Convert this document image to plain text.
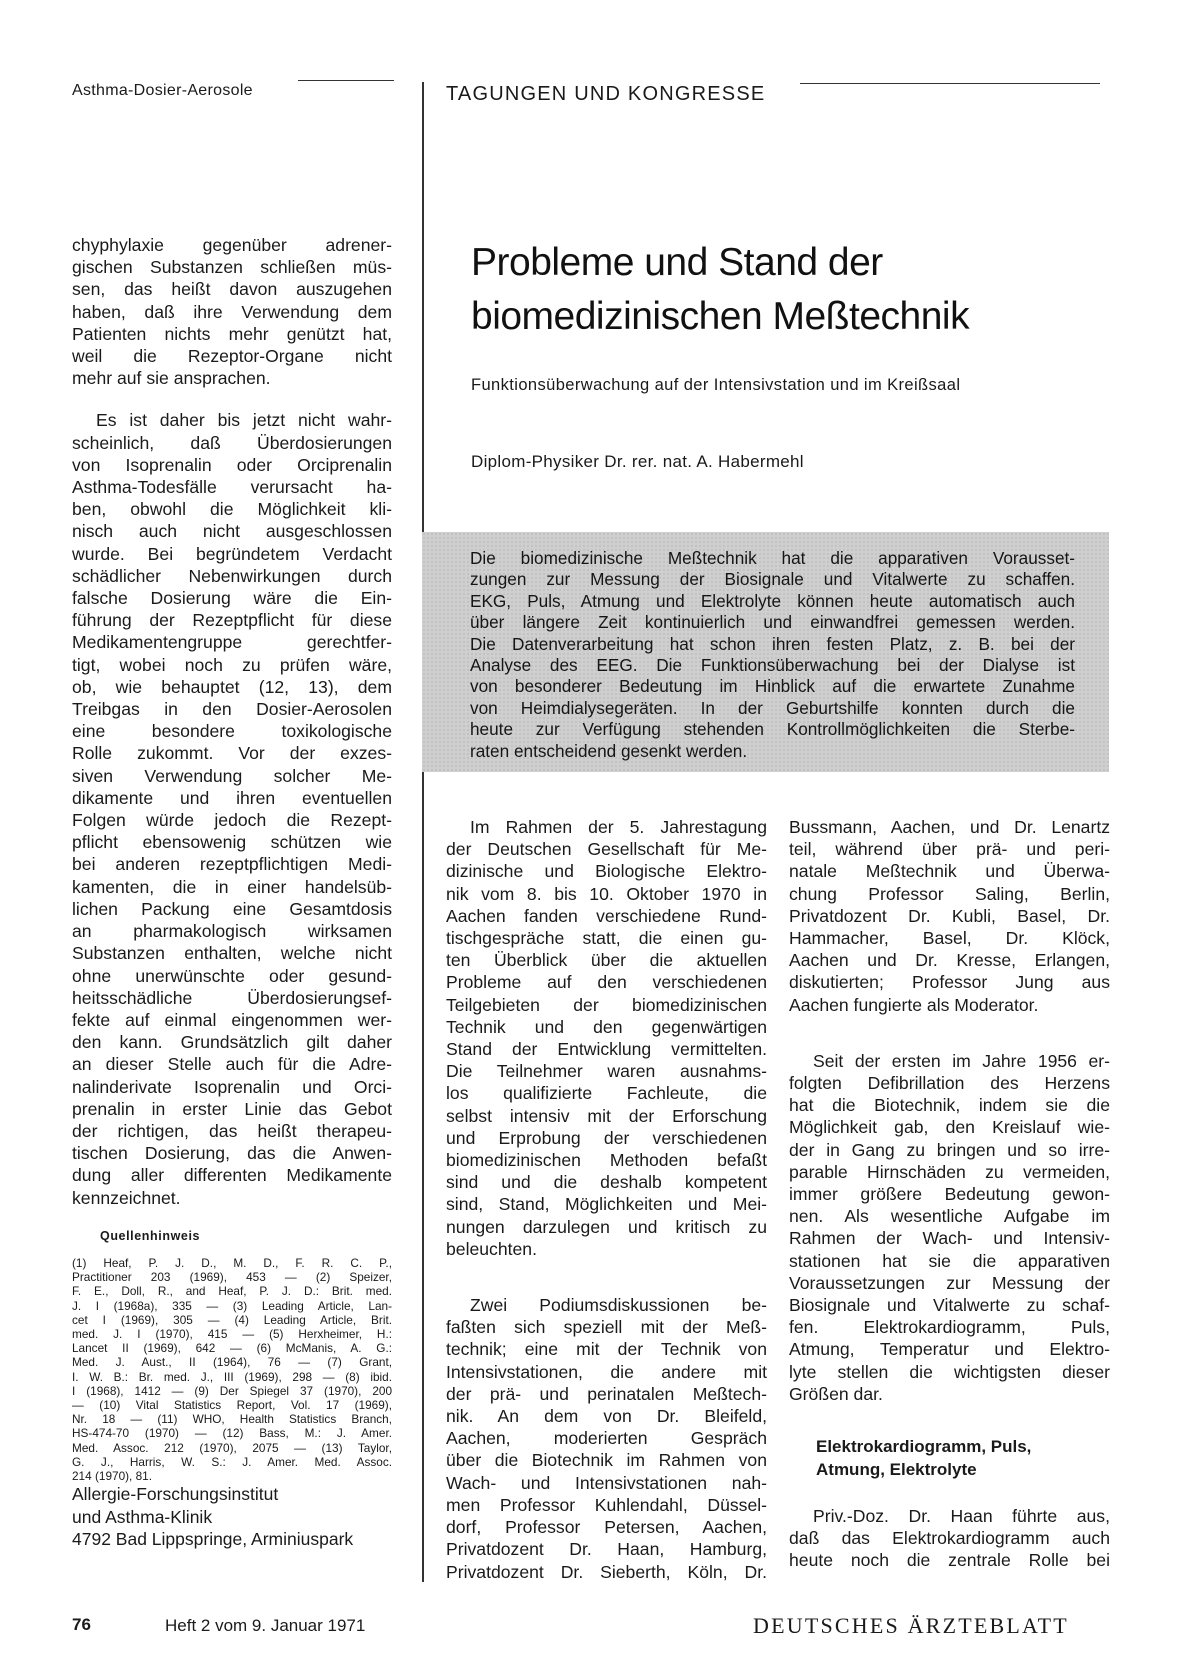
Asthma-Dosier-Aerosole	TAGUNGEN UND KONGRESSE
chyphylaxie gegenüber adrener-
gischen Substanzen schließen müs-
sen, das heißt davon auszugehen
haben, daß ihre Verwendung dem
Patienten nichts mehr genützt hat,
weil die Rezeptor-Organe nicht
mehr auf sie ansprachen.
Es ist daher bis jetzt nicht wahr-
scheinlich, daß Überdosierungen
von Isoprenalin oder Orciprenalin
Asthma-Todesfälle verursacht ha-
ben, obwohl die Möglichkeit kli-
nisch auch nicht ausgeschlossen
wurde. Bei begründetem Verdacht
schädlicher Nebenwirkungen durch
falsche Dosierung wäre die Ein-
führung der Rezeptpflicht für diese
Medikamentengruppe gerechtfer-
tigt, wobei noch zu prüfen wäre,
ob, wie behauptet (12, 13), dem
Treibgas in den Dosier-Aerosolen
eine besondere toxikologische
Rolle zukommt. Vor der exzes-
siven Verwendung solcher Me-
dikamente und ihren eventuellen
Folgen würde jedoch die Rezept-
pflicht ebensowenig schützen wie
bei anderen rezeptpflichtigen Medi-
kamenten, die in einer handelsüb-
lichen Packung eine Gesamtdosis
an pharmakologisch wirksamen
Substanzen enthalten, welche nicht
ohne unerwünschte oder gesund-
heitsschädliche Überdosierungsef-
fekte auf einmal eingenommen wer-
den kann. Grundsätzlich gilt daher
an dieser Stelle auch für die Adre-
nalinderivate Isoprenalin und Orci-
prenalin in erster Linie das Gebot
der richtigen, das heißt therapeu-
tischen Dosierung, das die Anwen-
dung aller differenten Medikamente
kennzeichnet.
Quellenhinweis
(1) Heaf, P. J. D., M. D., F. R. C. P.,
Practitioner 203 (1969), 453 — (2) Speizer,
F. E., Doll, R., and Heaf, P. J. D.: Brit. med.
J. I (1968a), 335 — (3) Leading Article, Lan-
cet I (1969), 305 — (4) Leading Article, Brit.
med. J. I (1970), 415 — (5) Herxheimer, H.:
Lancet II (1969), 642 — (6) McManis, A. G.:
Med. J. Aust., II (1964), 76 — (7) Grant,
I. W. B.: Br. med. J., III (1969), 298 — (8) ibid.
I (1968), 1412 — (9) Der Spiegel 37 (1970), 200
— (10) Vital Statistics Report, Vol. 17 (1969),
Nr. 18 — (11) WHO, Health Statistics Branch,
HS-474-70 (1970) — (12) Bass, M.: J. Amer.
Med. Assoc. 212 (1970), 2075 — (13) Taylor,
G. J., Harris, W. S.: J. Amer. Med. Assoc.
214 (1970), 81.
Allergie-Forschungsinstitut
und Asthma-Klinik
4792 Bad Lippspringe, Arminiuspark
Probleme und Stand der
biomedizinischen Meßtechnik
Funktionsüberwachung auf der Intensivstation und im Kreißsaal
Diplom-Physiker Dr. rer. nat. A. Habermehl
Die biomedizinische Meßtechnik hat die apparativen Vorausset-
zungen zur Messung der Biosignale und Vitalwerte zu schaffen.
EKG, Puls, Atmung und Elektrolyte können heute automatisch auch
über längere Zeit kontinuierlich und einwandfrei gemessen werden.
Die Datenverarbeitung hat schon ihren festen Platz, z. B. bei der
Analyse des EEG. Die Funktionsüberwachung bei der Dialyse ist
von besonderer Bedeutung im Hinblick auf die erwartete Zunahme
von Heimdialysegeräten. In der Geburtshilfe konnten durch die
heute zur Verfügung stehenden Kontrollmöglichkeiten die Sterbe-
raten entscheidend gesenkt werden.
Im Rahmen der 5. Jahrestagung
der Deutschen Gesellschaft für Me-
dizinische und Biologische Elektro-
nik vom 8. bis 10. Oktober 1970 in
Aachen fanden verschiedene Rund-
tischgespräche statt, die einen gu-
ten Überblick über die aktuellen
Probleme auf den verschiedenen
Teilgebieten der biomedizinischen
Technik und den gegenwärtigen
Stand der Entwicklung vermittelten.
Die Teilnehmer waren ausnahms-
los qualifizierte Fachleute, die
selbst intensiv mit der Erforschung
und Erprobung der verschiedenen
biomedizinischen Methoden befaßt
sind und die deshalb kompetent
sind, Stand, Möglichkeiten und Mei-
nungen darzulegen und kritisch zu
beleuchten.
Zwei Podiumsdiskussionen be-
faßten sich speziell mit der Meß-
technik; eine mit der Technik von
Intensivstationen, die andere mit
der prä- und perinatalen Meßtech-
nik. An dem von Dr. Bleifeld,
Aachen, moderierten Gespräch
über die Biotechnik im Rahmen von
Wach- und Intensivstationen nah-
men Professor Kuhlendahl, Düssel-
dorf, Professor Petersen, Aachen,
Privatdozent Dr. Haan, Hamburg,
Privatdozent Dr. Sieberth, Köln, Dr.
Bussmann, Aachen, und Dr. Lenartz
teil, während über prä- und peri-
natale Meßtechnik und Überwa-
chung Professor Saling, Berlin,
Privatdozent Dr. Kubli, Basel, Dr.
Hammacher, Basel, Dr. Klöck,
Aachen und Dr. Kresse, Erlangen,
diskutierten; Professor Jung aus
Aachen fungierte als Moderator.
Seit der ersten im Jahre 1956 er-
folgten Defibrillation des Herzens
hat die Biotechnik, indem sie die
Möglichkeit gab, den Kreislauf wie-
der in Gang zu bringen und so irre-
parable Hirnschäden zu vermeiden,
immer größere Bedeutung gewon-
nen. Als wesentliche Aufgabe im
Rahmen der Wach- und Intensiv-
stationen hat sie die apparativen
Voraussetzungen zur Messung der
Biosignale und Vitalwerte zu schaf-
fen. Elektrokardiogramm, Puls,
Atmung, Temperatur und Elektro-
lyte stellen die wichtigsten dieser
Größen dar.
Elektrokardiogramm, Puls,
Atmung, Elektrolyte
Priv.-Doz. Dr. Haan führte aus,
daß das Elektrokardiogramm auch
heute noch die zentrale Rolle bei
76	Heft 2 vom 9. Januar 1971	DEUTSCHES ÄRZTEBLATT
